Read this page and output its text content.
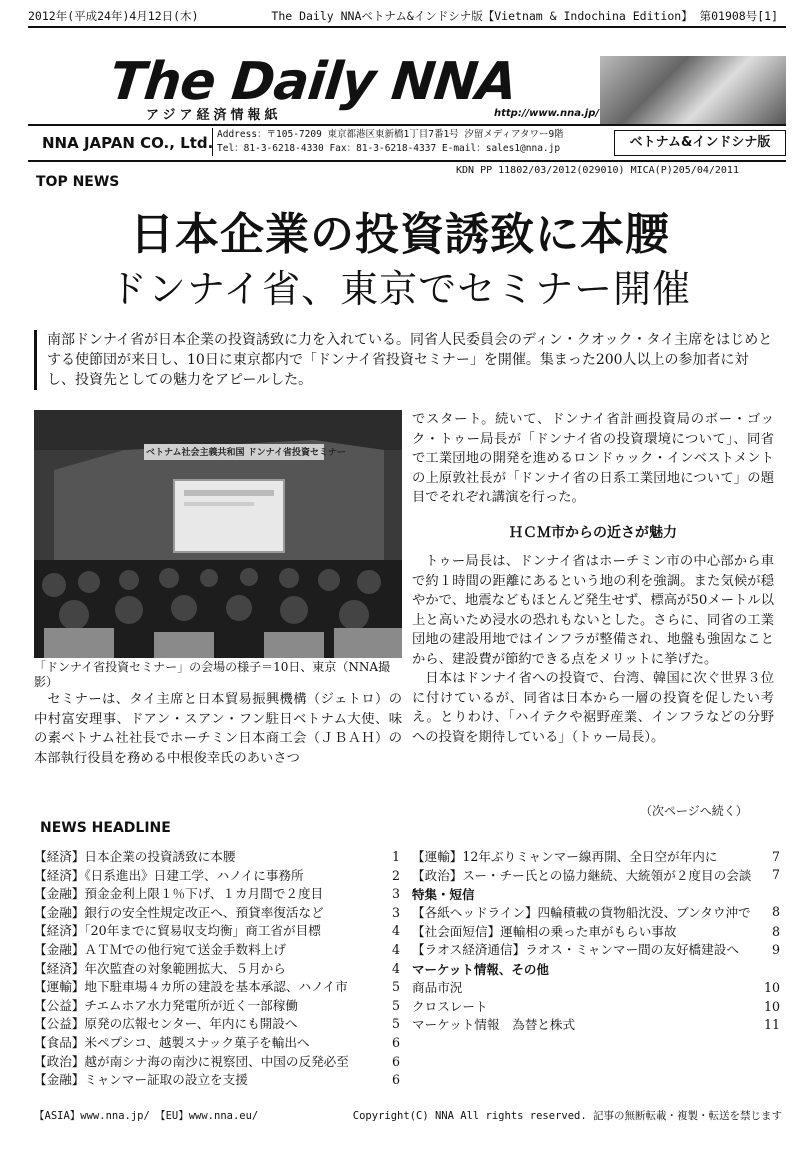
2012年(平成24年)4月12日(木)	The Daily NNAベトナム&インドシナ版【Vietnam & Indochina Edition】 第01908号[1]
The Daily NNA
アジア経済情報紙	http://www.nna.jp/
NNA JAPAN CO., Ltd. Address：〒105-7209 東京都港区東新橋1丁目7番1号 汐留メディアタワー9階
Tel：81-3-6218-4330 Fax：81-3-6218-4337 E-mail：sales1@nna.jp	ベトナム&インドシナ版
KDN PP 11802/03/2012(029010) MICA(P)205/04/2011
TOP NEWS
日本企業の投資誘致に本腰
ドンナイ省、東京でセミナー開催
南部ドンナイ省が日本企業の投資誘致に力を入れている。同省人民委員会のディン・クオック・タイ主席をはじめとする使節団が来日し、10日に東京都内で「ドンナイ省投資セミナー」を開催。集まった200人以上の参加者に対し、投資先としての魅力をアピールした。
ベトナム社会主義共和国 ドンナイ省投資セミナー
「ドンナイ省投資セミナー」の会場の様子＝10日、東京（NNA撮影）

セミナーは、タイ主席と日本貿易振興機構（ジェトロ）の中村富安理事、ドアン・スアン・フン駐日ベトナム大使、味の素ベトナム社社長でホーチミン日本商工会（ＪＢＡＨ）の本部執行役員を務める中根俊幸氏のあいさつ

でスタート。続いて、ドンナイ省計画投資局のボー・ゴック・トゥー局長が「ドンナイ省の投資環境について」、同省で工業団地の開発を進めるロンドゥック・インベストメントの上原敦社長が「ドンナイ省の日系工業団地について」の題目でそれぞれ講演を行った。

ＨＣＭ市からの近さが魅力

トゥー局長は、ドンナイ省はホーチミン市の中心部から車で約１時間の距離にあるという地の利を強調。また気候が穏やかで、地震などもほとんど発生せず、標高が50メートル以上と高いため浸水の恐れもないとした。さらに、同省の工業団地の建設用地ではインフラが整備され、地盤も強固なことから、建設費が節約できる点をメリットに挙げた。

日本はドンナイ省への投資で、台湾、韓国に次ぐ世界３位に付けているが、同省は日本から一層の投資を促したい考え。とりわけ、「ハイテクや裾野産業、インフラなどの分野への投資を期待している」（トゥー局長）。

（次ページへ続く）
NEWS HEADLINE
【経済】日本企業の投資誘致に本腰	1
【経済】《日系進出》日建工学、ハノイに事務所	2
【金融】預金金利上限１％下げ、１カ月間で２度目	3
【金融】銀行の安全性規定改正へ、預貸率復活など	3
【経済】「20年までに貿易収支均衡」商工省が目標	4
【金融】ＡＴＭでの他行宛て送金手数料上げ	4
【経済】年次監査の対象範囲拡大、５月から	4
【運輸】地下駐車場４カ所の建設を基本承認、ハノイ市	5
【公益】チエムホア水力発電所が近く一部稼働	5
【公益】原発の広報センター、年内にも開設へ	5
【食品】米ペプシコ、越製スナック菓子を輸出へ	6
【政治】越が南シナ海の南沙に視察団、中国の反発必至	6
【金融】ミャンマー証取の設立を支援	6
【運輸】12年ぶりミャンマー線再開、全日空が年内に	7
【政治】スー・チー氏との協力継続、大統領が２度目の会談 7
特集・短信
【各紙ヘッドライン】四輪積載の貨物船沈没、ブンタウ沖で 8
【社会面短信】運輸相の乗った車がもらい事故	8
【ラオス経済通信】ラオス・ミャンマー間の友好橋建設へ	9
マーケット情報、その他
商品市況	10
クロスレート	10
マーケット情報　為替と株式	11
【ASIA】www.nna.jp/　【EU】www.nna.eu/	Copyright(C) NNA All rights reserved. 記事の無断転載・複製・転送を禁じます
